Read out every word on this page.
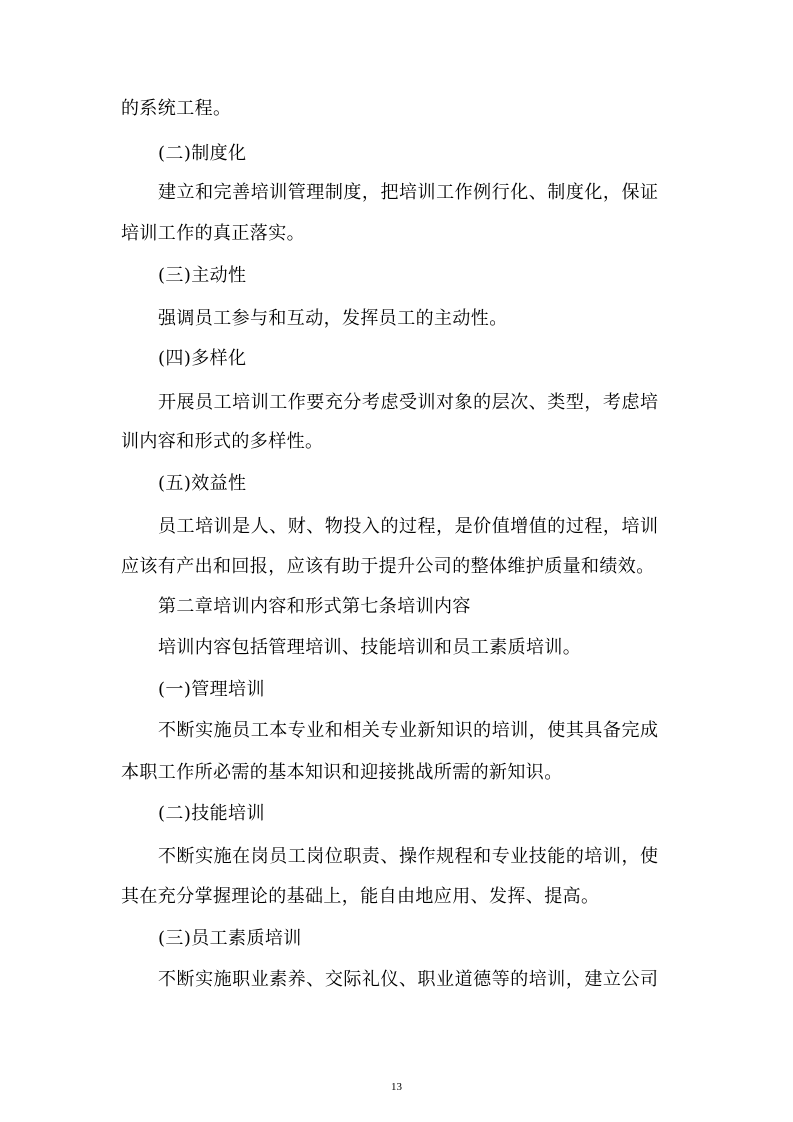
的系统工程。
(二)制度化
建立和完善培训管理制度，把培训工作例行化、制度化，保证
培训工作的真正落实。
(三)主动性
强调员工参与和互动，发挥员工的主动性。
(四)多样化
开展员工培训工作要充分考虑受训对象的层次、类型，考虑培
训内容和形式的多样性。
(五)效益性
员工培训是人、财、物投入的过程，是价值增值的过程，培训
应该有产出和回报，应该有助于提升公司的整体维护质量和绩效。
第二章培训内容和形式第七条培训内容
培训内容包括管理培训、技能培训和员工素质培训。
(一)管理培训
不断实施员工本专业和相关专业新知识的培训，使其具备完成
本职工作所必需的基本知识和迎接挑战所需的新知识。
(二)技能培训
不断实施在岗员工岗位职责、操作规程和专业技能的培训，使
其在充分掌握理论的基础上，能自由地应用、发挥、提高。
(三)员工素质培训
不断实施职业素养、交际礼仪、职业道德等的培训，建立公司
13
